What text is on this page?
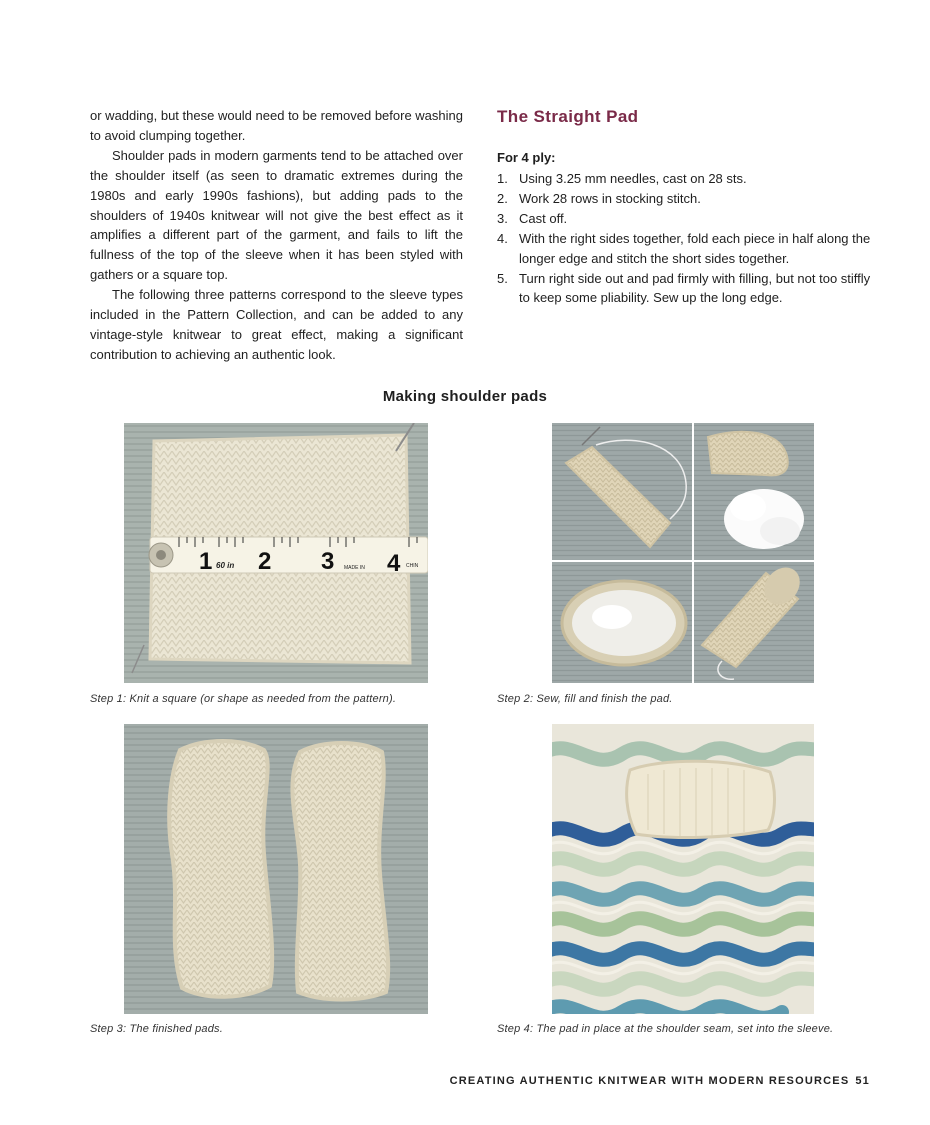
or wadding, but these would need to be removed before washing to avoid clumping together.

Shoulder pads in modern garments tend to be attached over the shoulder itself (as seen to dramatic extremes during the 1980s and early 1990s fashions), but adding pads to the shoulders of 1940s knitwear will not give the best effect as it amplifies a different part of the garment, and fails to lift the fullness of the top of the sleeve when it has been styled with gathers or a square top.

The following three patterns correspond to the sleeve types included in the Pattern Collection, and can be added to any vintage-style knitwear to great effect, making a significant contribution to achieving an authentic look.

The Straight Pad
For 4 ply:
1. Using 3.25 mm needles, cast on 28 sts.
2. Work 28 rows in stocking stitch.
3. Cast off.
4. With the right sides together, fold each piece in half along the longer edge and stitch the short sides together.
5. Turn right side out and pad firmly with filling, but not too stiffly to keep some pliability. Sew up the long edge.
Making shoulder pads
1 60 in 2 3 MADE IN 4 CHIN
Step 1: Knit a square (or shape as needed from the pattern).	Step 2: Sew, fill and finish the pad.
Step 3: The finished pads.	Step 4: The pad in place at the shoulder seam, set into the sleeve.
CREATING AUTHENTIC KNITWEAR WITH MODERN RESOURCES 51
